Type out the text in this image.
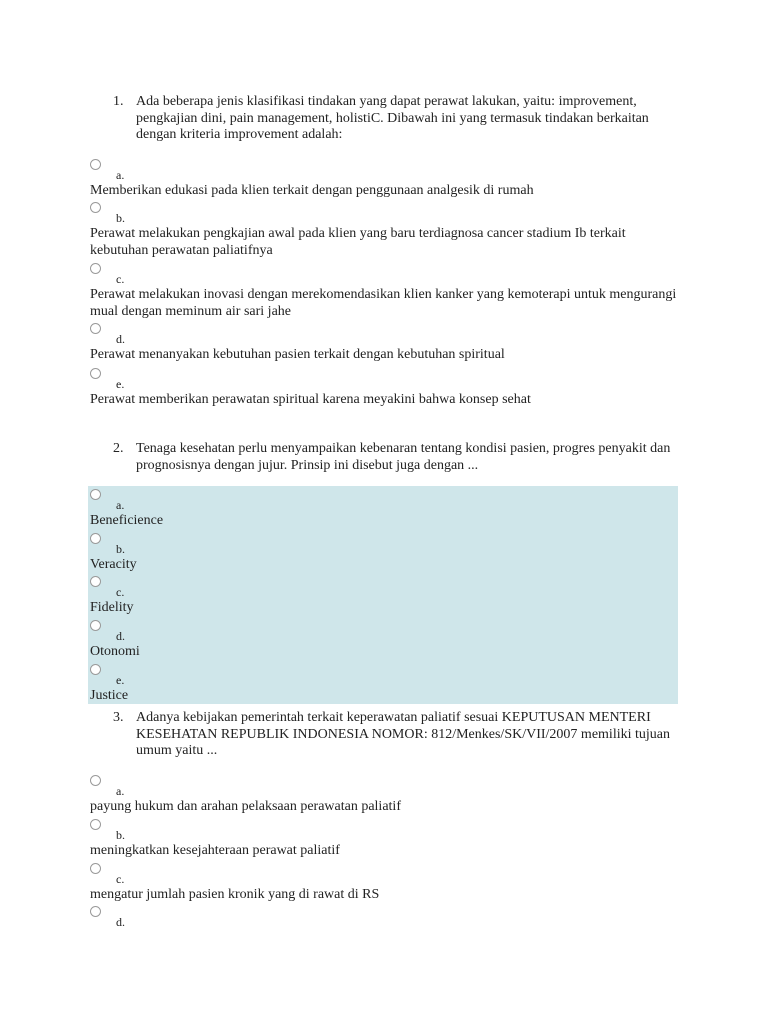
1. Ada beberapa jenis klasifikasi tindakan yang dapat perawat lakukan, yaitu: improvement, pengkajian dini, pain management, holistiC. Dibawah ini yang termasuk tindakan berkaitan dengan kriteria improvement adalah:
a.
Memberikan edukasi pada klien terkait dengan penggunaan analgesik di rumah
b.
Perawat melakukan pengkajian awal pada klien yang baru terdiagnosa cancer stadium Ib terkait kebutuhan perawatan paliatifnya
c.
Perawat melakukan inovasi dengan merekomendasikan klien kanker yang kemoterapi untuk mengurangi mual dengan meminum air sari jahe
d.
Perawat menanyakan kebutuhan pasien terkait dengan kebutuhan spiritual
e.
Perawat memberikan perawatan spiritual karena meyakini bahwa konsep sehat
2. Tenaga kesehatan perlu menyampaikan kebenaran tentang kondisi pasien, progres penyakit dan prognosisnya dengan jujur. Prinsip ini disebut juga dengan ...
a.
Beneficience
b.
Veracity
c.
Fidelity
d.
Otonomi
e.
Justice
3. Adanya kebijakan pemerintah terkait keperawatan paliatif sesuai KEPUTUSAN MENTERI KESEHATAN REPUBLIK INDONESIA NOMOR: 812/Menkes/SK/VII/2007 memiliki tujuan umum yaitu ...
a.
payung hukum dan arahan pelaksaan perawatan paliatif
b.
meningkatkan kesejahteraan perawat paliatif
c.
mengatur jumlah pasien kronik yang di rawat di RS
d.
